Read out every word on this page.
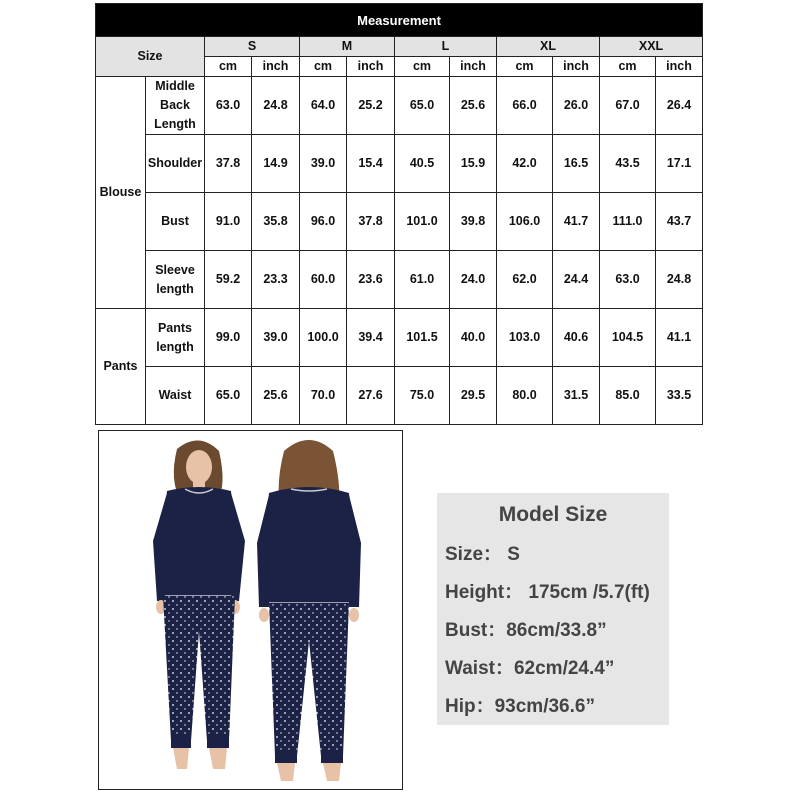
Measurement											
Size		S		M		L		XL		XXL	
		cm	inch	cm	inch	cm	inch	cm	inch	cm	inch
Blouse	Middle Back Length	63.0	24.8	64.0	25.2	65.0	25.6	66.0	26.0	67.0	26.4
	Shoulder	37.8	14.9	39.0	15.4	40.5	15.9	42.0	16.5	43.5	17.1
	Bust	91.0	35.8	96.0	37.8	101.0	39.8	106.0	41.7	111.0	43.7
	Sleeve length	59.2	23.3	60.0	23.6	61.0	24.0	62.0	24.4	63.0	24.8
Pants	Pants length	99.0	39.0	100.0	39.4	101.5	40.0	103.0	40.6	104.5	41.1
	Waist	65.0	25.6	70.0	27.6	75.0	29.5	80.0	31.5	85.0	33.5
Model Size
Size： S
Height： 175cm /5.7(ft)
Bust：86cm/33.8”
Waist：62cm/24.4”
Hip：93cm/36.6”
